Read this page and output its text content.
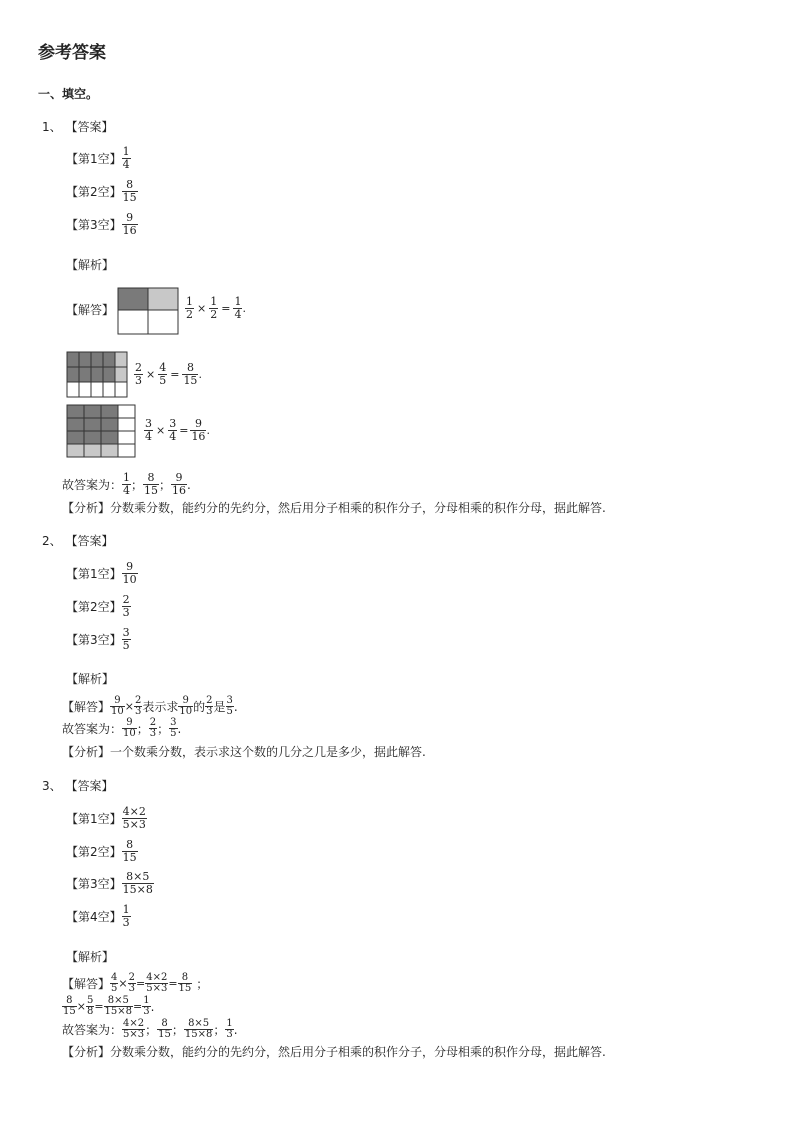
参考答案
一、填空。
1、 【答案】
【第1空】 $\frac{1}{4}$
【第2空】 $\frac{8}{15}$
【第3空】 $\frac{9}{16}$
【解析】
【解答】	$\frac{1}{2} \times \frac{1}{2} = \frac{1}{4}$ .
$\frac{2}{3} \times \frac{4}{5} = \frac{8}{15}$ .
$\frac{3}{4} \times \frac{3}{4} = \frac{9}{16}$ .
故答案为： $\frac{1}{4}$ ； $\frac{8}{15}$ ； $\frac{9}{16}$ .
【分析】分数乘分数，能约分的先约分，然后用分子相乘的积作分子，分母相乘的积作分母，据此解答.
2、 【答案】
【第1空】 $\frac{9}{10}$
【第2空】 $\frac{2}{3}$
【第3空】 $\frac{3}{5}$
【解析】
【解答】 $\frac{9}{10} \times \frac{2}{3}$ 表示求 $\frac{9}{10}$ 的 $\frac{2}{3}$ 是 $\frac{3}{5}$ .
故答案为： $\frac{9}{10}$ ； $\frac{2}{3}$ ； $\frac{3}{5}$ .
【分析】一个数乘分数，表示求这个数的几分之几是多少，据此解答.
3、 【答案】
【第1空】 $\frac{4\times 2}{5\times 3}$
【第2空】 $\frac{8}{15}$
【第3空】 $\frac{8\times 5}{15\times 8}$
【第4空】 $\frac{1}{3}$
【解析】
【解答】 $\frac{4}{5} \times \frac{2}{3} = \frac{4\times 2}{5\times 3} = \frac{8}{15}$ ；
$\frac{8}{15} \times \frac{5}{8} = \frac{8\times 5}{15\times 8} = \frac{1}{3}$ .
故答案为： $\frac{4\times 2}{5\times 3}$ ； $\frac{8}{15}$ ； $\frac{8\times 5}{15\times 8}$ ； $\frac{1}{3}$ .
【分析】分数乘分数，能约分的先约分，然后用分子相乘的积作分子，分母相乘的积作分母，据此解答.
